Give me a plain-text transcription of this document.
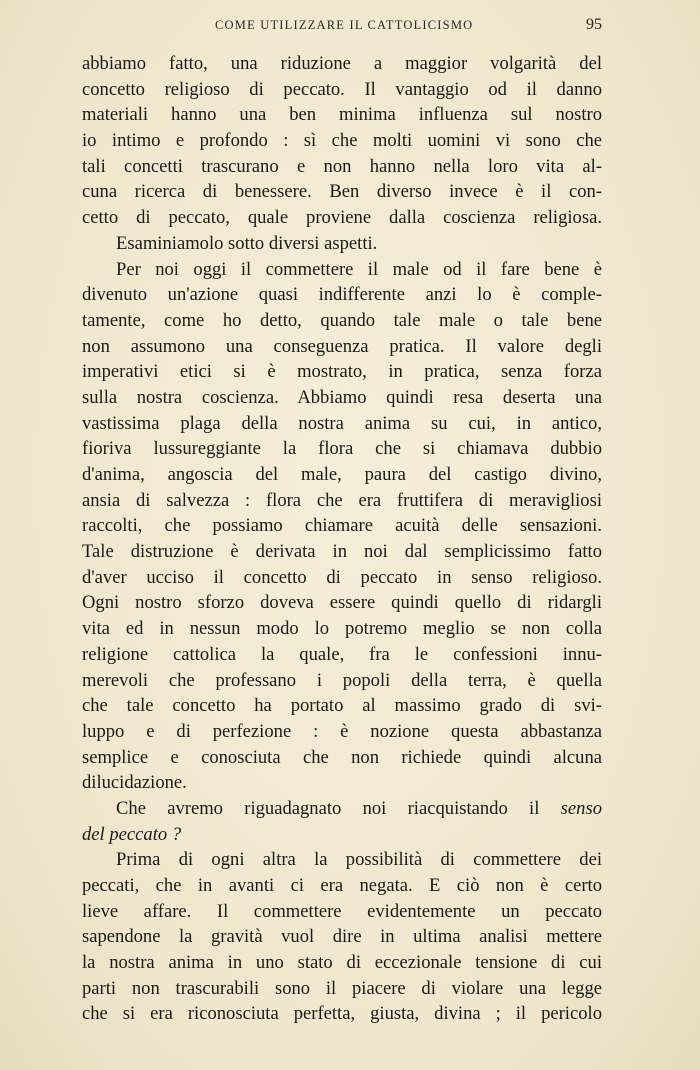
COME UTILIZZARE IL CATTOLICISMO	95
abbiamo fatto, una riduzione a maggior volgarità del
concetto religioso di peccato. Il vantaggio od il danno
materiali hanno una ben minima influenza sul nostro
io intimo e profondo : sì che molti uomini vi sono che
tali concetti trascurano e non hanno nella loro vita al-
cuna ricerca di benessere. Ben diverso invece è il con-
cetto di peccato, quale proviene dalla coscienza religiosa.
Esaminiamolo sotto diversi aspetti.
Per noi oggi il commettere il male od il fare bene è
divenuto un'azione quasi indifferente anzi lo è comple-
tamente, come ho detto, quando tale male o tale bene
non assumono una conseguenza pratica. Il valore degli
imperativi etici si è mostrato, in pratica, senza forza
sulla nostra coscienza. Abbiamo quindi resa deserta una
vastissima plaga della nostra anima su cui, in antico,
fioriva lussureggiante la flora che si chiamava dubbio
d'anima, angoscia del male, paura del castigo divino,
ansia di salvezza : flora che era fruttifera di meravigliosi
raccolti, che possiamo chiamare acuità delle sensazioni.
Tale distruzione è derivata in noi dal semplicissimo fatto
d'aver ucciso il concetto di peccato in senso religioso.
Ogni nostro sforzo doveva essere quindi quello di ridargli
vita ed in nessun modo lo potremo meglio se non colla
religione cattolica la quale, fra le confessioni innu-
merevoli che professano i popoli della terra, è quella
che tale concetto ha portato al massimo grado di svi-
luppo e di perfezione : è nozione questa abbastanza
semplice e conosciuta che non richiede quindi alcuna
dilucidazione.
Che avremo riguadagnato noi riacquistando il senso
del peccato ?
Prima di ogni altra la possibilità di commettere dei
peccati, che in avanti ci era negata. E ciò non è certo
lieve affare. Il commettere evidentemente un peccato
sapendone la gravità vuol dire in ultima analisi mettere
la nostra anima in uno stato di eccezionale tensione di cui
parti non trascurabili sono il piacere di violare una legge
che si era riconosciuta perfetta, giusta, divina ; il pericolo
